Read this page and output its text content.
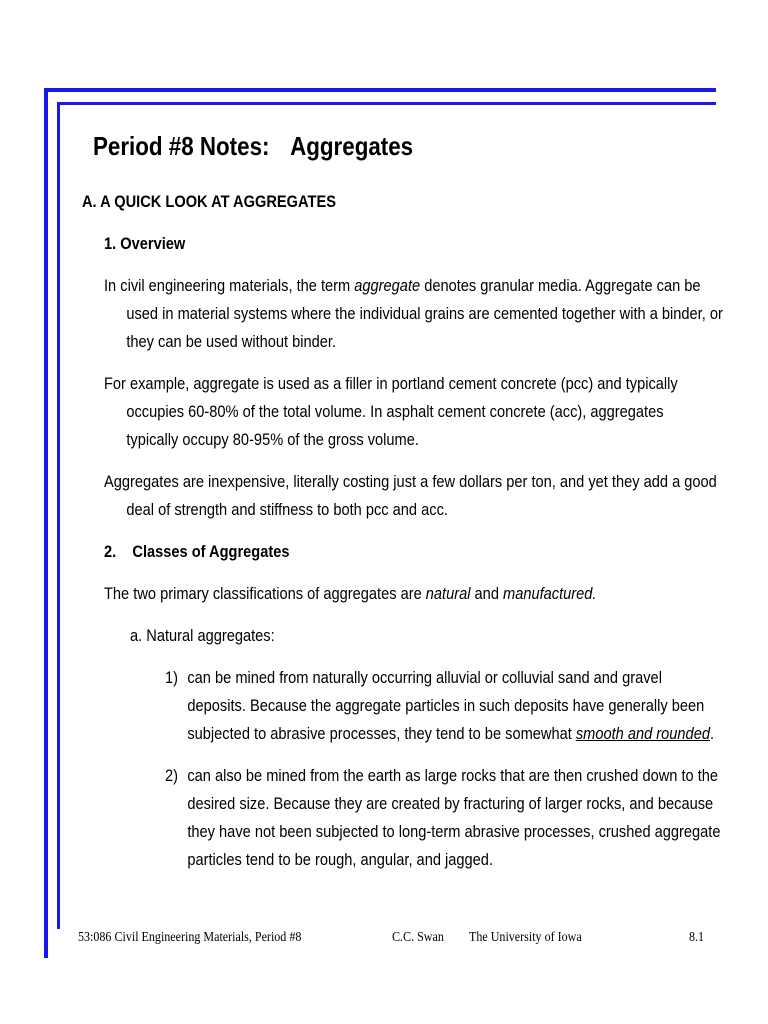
Period #8 Notes: Aggregates
A. A QUICK LOOK AT AGGREGATES
1. Overview
In civil engineering materials, the term aggregate denotes granular media. Aggregate can be
used in material systems where the individual grains are cemented together with a binder, or
they can be used without binder.
For example, aggregate is used as a filler in portland cement concrete (pcc) and typically
occupies 60-80% of the total volume. In asphalt cement concrete (acc), aggregates
typically occupy 80-95% of the gross volume.
Aggregates are inexpensive, literally costing just a few dollars per ton, and yet they add a good
deal of strength and stiffness to both pcc and acc.
2. Classes of Aggregates
The two primary classifications of aggregates are natural and manufactured.
a. Natural aggregates:
1) can be mined from naturally occurring alluvial or colluvial sand and gravel
deposits. Because the aggregate particles in such deposits have generally been
subjected to abrasive processes, they tend to be somewhat smooth and rounded.
2) can also be mined from the earth as large rocks that are then crushed down to the
desired size. Because they are created by fracturing of larger rocks, and because
they have not been subjected to long-term abrasive processes, crushed aggregate
particles tend to be rough, angular, and jagged.
53:086 Civil Engineering Materials, Period #8	C.C. Swan	The University of Iowa	8.1
